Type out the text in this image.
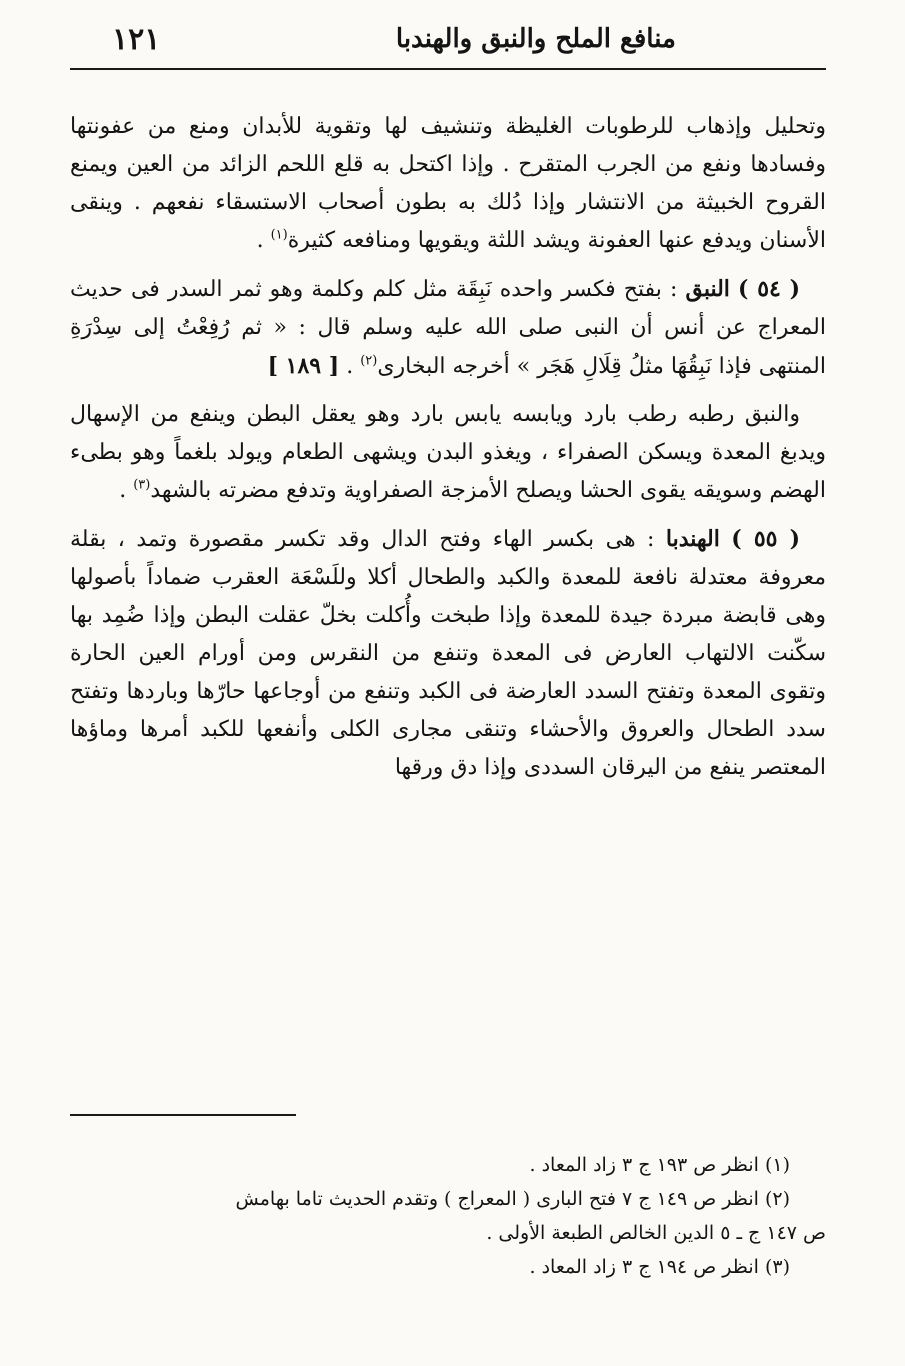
منافع الملح والنبق والهندبا
١٢١

وتحليل وإذهاب للرطوبات الغليظة وتنشيف لها وتقوية للأبدان ومنع من عفونتها وفسادها ونفع من الجرب المتقرح . وإذا اكتحل به قلع اللحم الزائد من العين ويمنع القروح الخبيثة من الانتشار وإذا دُلك به بطون أصحاب الاستسقاء نفعهم . وينقى الأسنان ويدفع عنها العفونة ويشد اللثة ويقويها ومنافعه كثيرة$^{(١)}$ .

( ٥٤ ) النبق : بفتح فكسر واحده نَبِقَة مثل كلم وكلمة وهو ثمر السدر فى حديث المعراج عن أنس أن النبى صلى الله عليه وسلم قال : « ثم رُفِعْتُ إلى سِدْرَةِ المنتهى فإذا نَبِقُهَا مثلُ قِلَالِ هَجَر » أخرجه البخارى$^{(٢)}$ . [ ١٨٩ ]

والنبق رطبه رطب بارد ويابسه يابس بارد وهو يعقل البطن وينفع من الإسهال ويدبغ المعدة ويسكن الصفراء ، ويغذو البدن ويشهى الطعام ويولد بلغماً وهو بطىء الهضم وسويقه يقوى الحشا ويصلح الأمزجة الصفراوية وتدفع مضرته بالشهد$^{(٣)}$ .

( ٥٥ ) الهندبا : هى بكسر الهاء وفتح الدال وقد تكسر مقصورة وتمد ، بقلة معروفة معتدلة نافعة للمعدة والكبد والطحال أكلا وللَسْعَة العقرب ضماداً بأصولها وهى قابضة مبردة جيدة للمعدة وإذا طبخت وأُكلت بخلّ عقلت البطن وإذا ضُمِد بها سكّنت الالتهاب العارض فى المعدة وتنفع من النقرس ومن أورام العين الحارة وتقوى المعدة وتفتح السدد العارضة فى الكبد وتنفع من أوجاعها حارّها وباردها وتفتح سدد الطحال والعروق والأحشاء وتنقى مجارى الكلى وأنفعها للكبد أمرها وماؤها المعتصر ينفع من اليرقان السددى وإذا دق ورقها

(١) انظر ص ١٩٣ ج ٣ زاد المعاد .

(٢) انظر ص ١٤٩ ج ٧ فتح البارى ( المعراج ) وتقدم الحديث تاما بهامش

ص ١٤٧ ج ـ ٥ الدين الخالص الطبعة الأولى .

(٣) انظر ص ١٩٤ ج ٣ زاد المعاد .
